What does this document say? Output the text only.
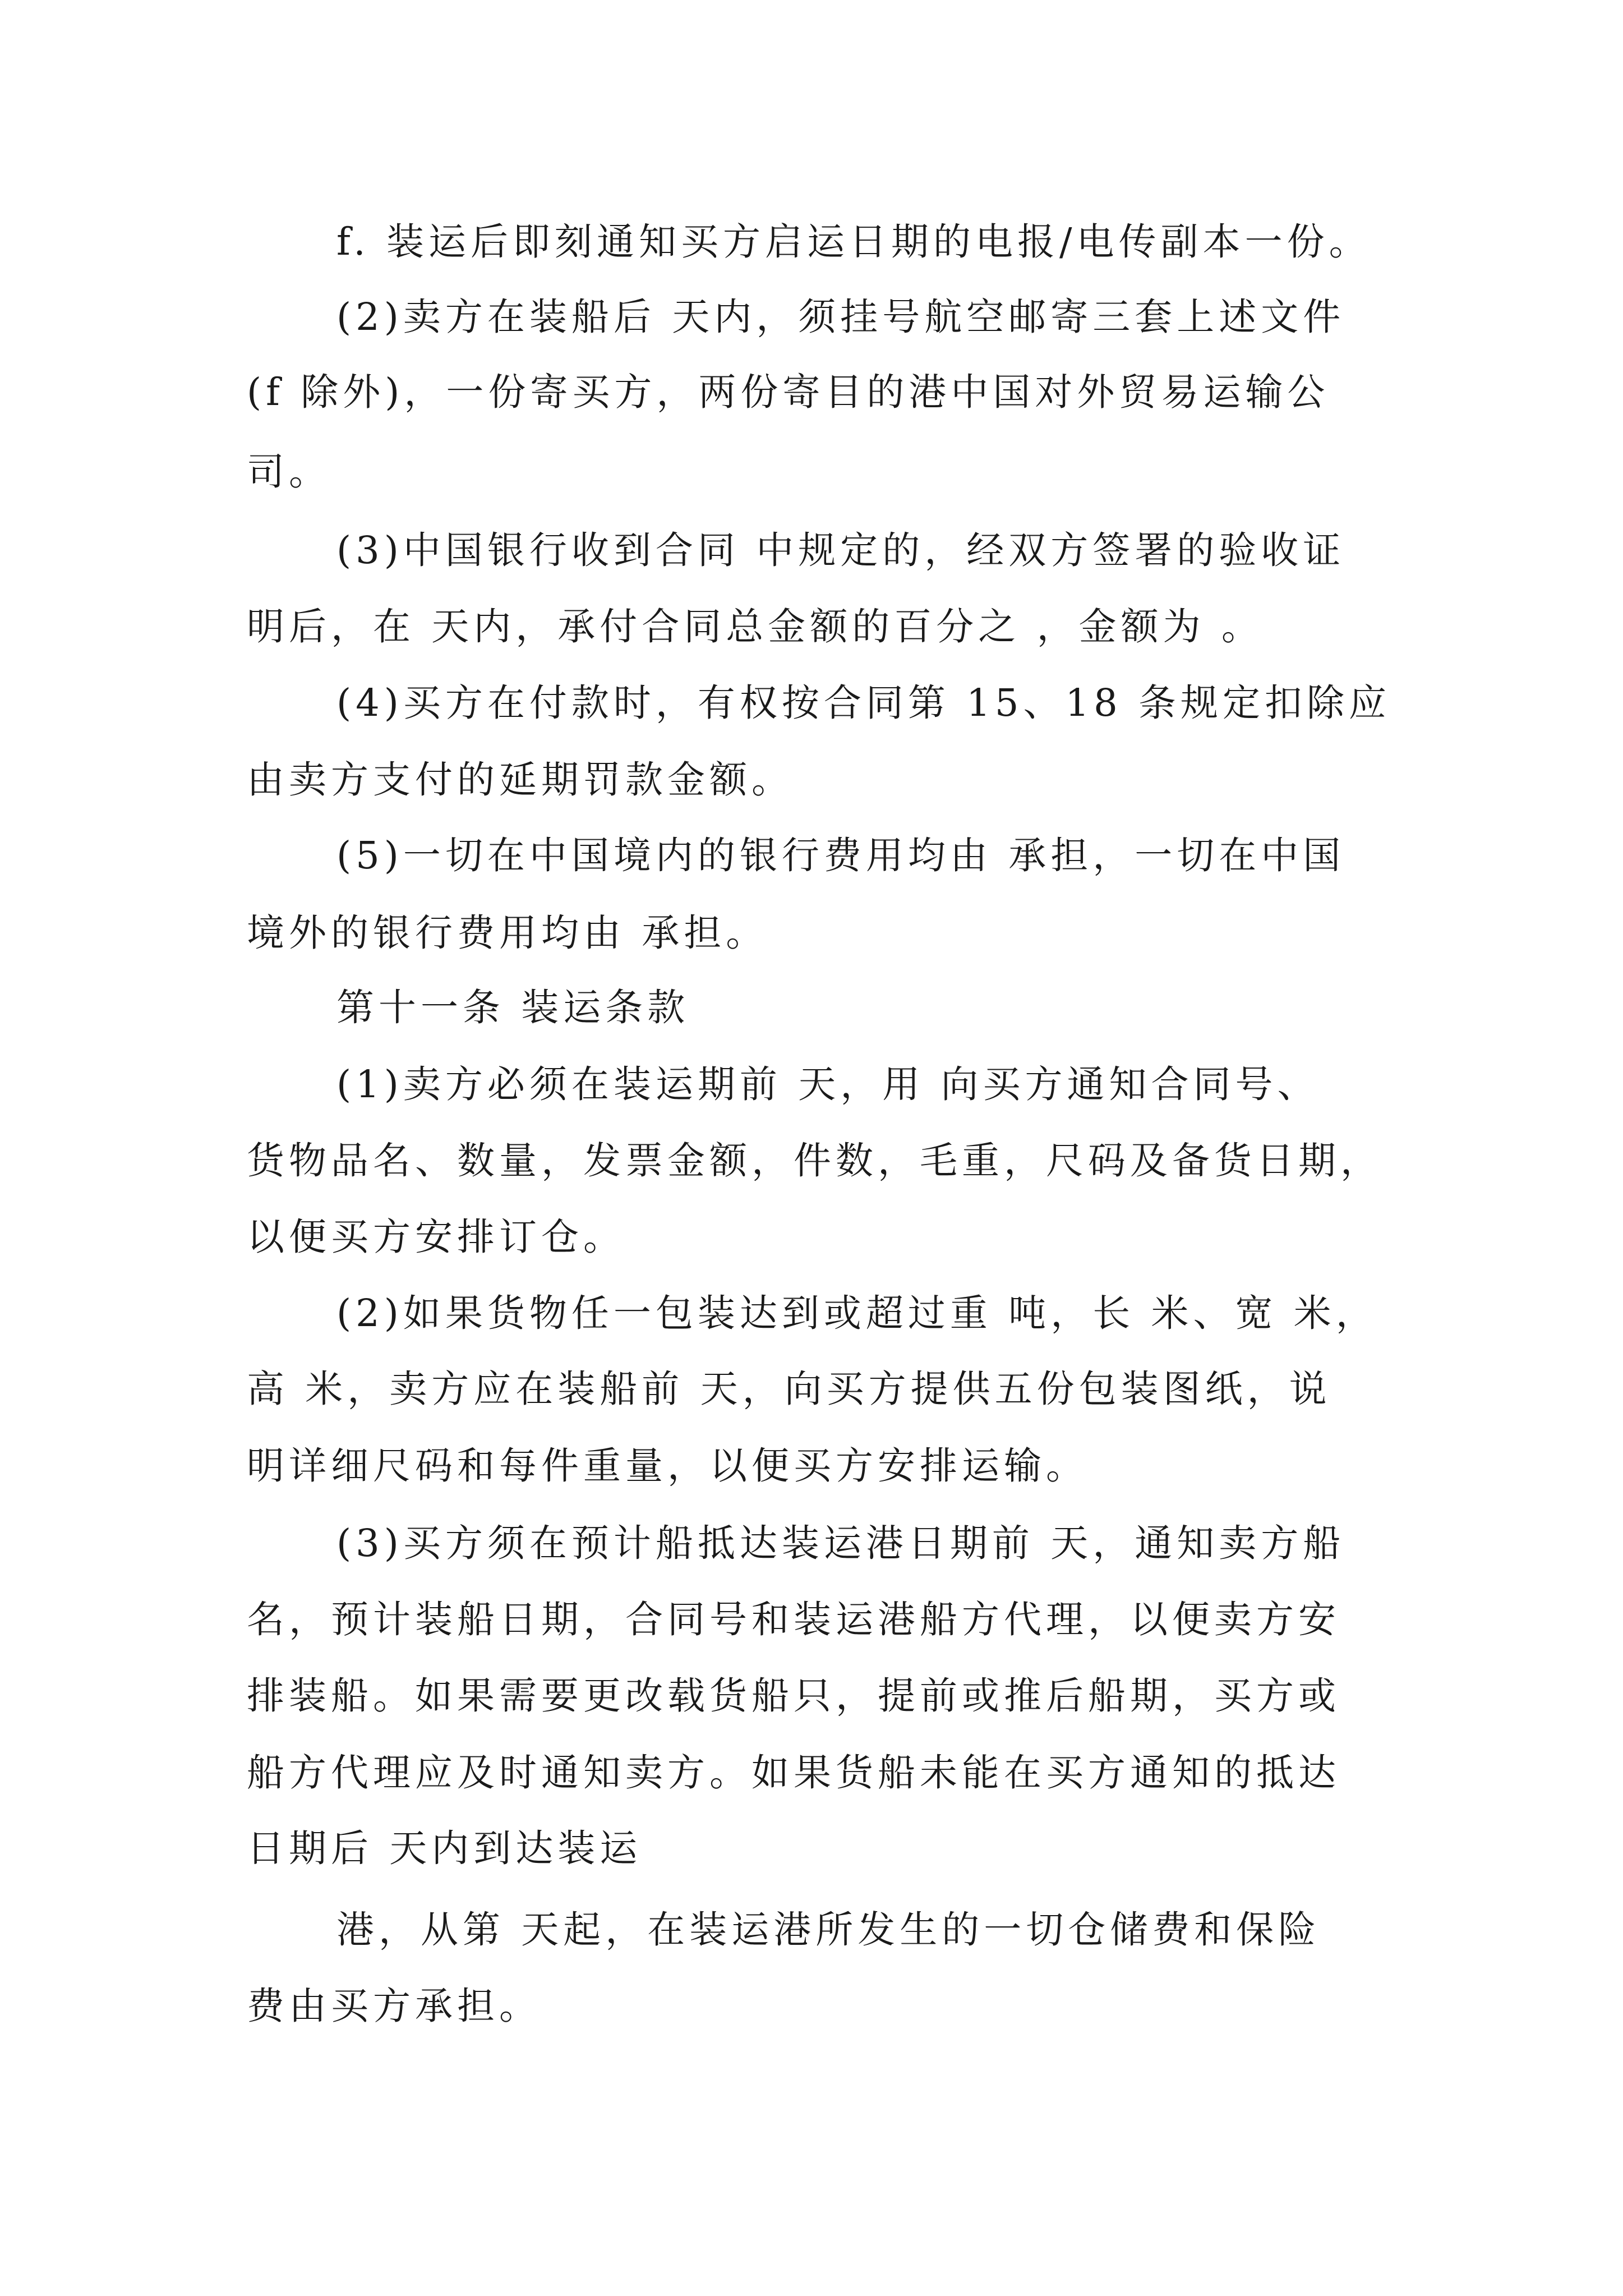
f. 装运后即刻通知买方启运日期的电报/电传副本一份。
(2)卖方在装船后 天内，须挂号航空邮寄三套上述文件
(f 除外)，一份寄买方，两份寄目的港中国对外贸易运输公
司。
(3)中国银行收到合同 中规定的，经双方签署的验收证
明后，在 天内，承付合同总金额的百分之 ，金额为 。
(4)买方在付款时，有权按合同第 15、18 条规定扣除应
由卖方支付的延期罚款金额。
(5)一切在中国境内的银行费用均由 承担，一切在中国
境外的银行费用均由 承担。
第十一条 装运条款
(1)卖方必须在装运期前 天，用 向买方通知合同号、
货物品名、数量，发票金额，件数，毛重，尺码及备货日期，
以便买方安排订仓。
(2)如果货物任一包装达到或超过重 吨，长 米、宽 米，
高 米，卖方应在装船前 天，向买方提供五份包装图纸，说
明详细尺码和每件重量，以便买方安排运输。
(3)买方须在预计船抵达装运港日期前 天，通知卖方船
名，预计装船日期，合同号和装运港船方代理，以便卖方安
排装船。如果需要更改载货船只，提前或推后船期，买方或
船方代理应及时通知卖方。如果货船未能在买方通知的抵达
日期后 天内到达装运
港，从第 天起，在装运港所发生的一切仓储费和保险
费由买方承担。
